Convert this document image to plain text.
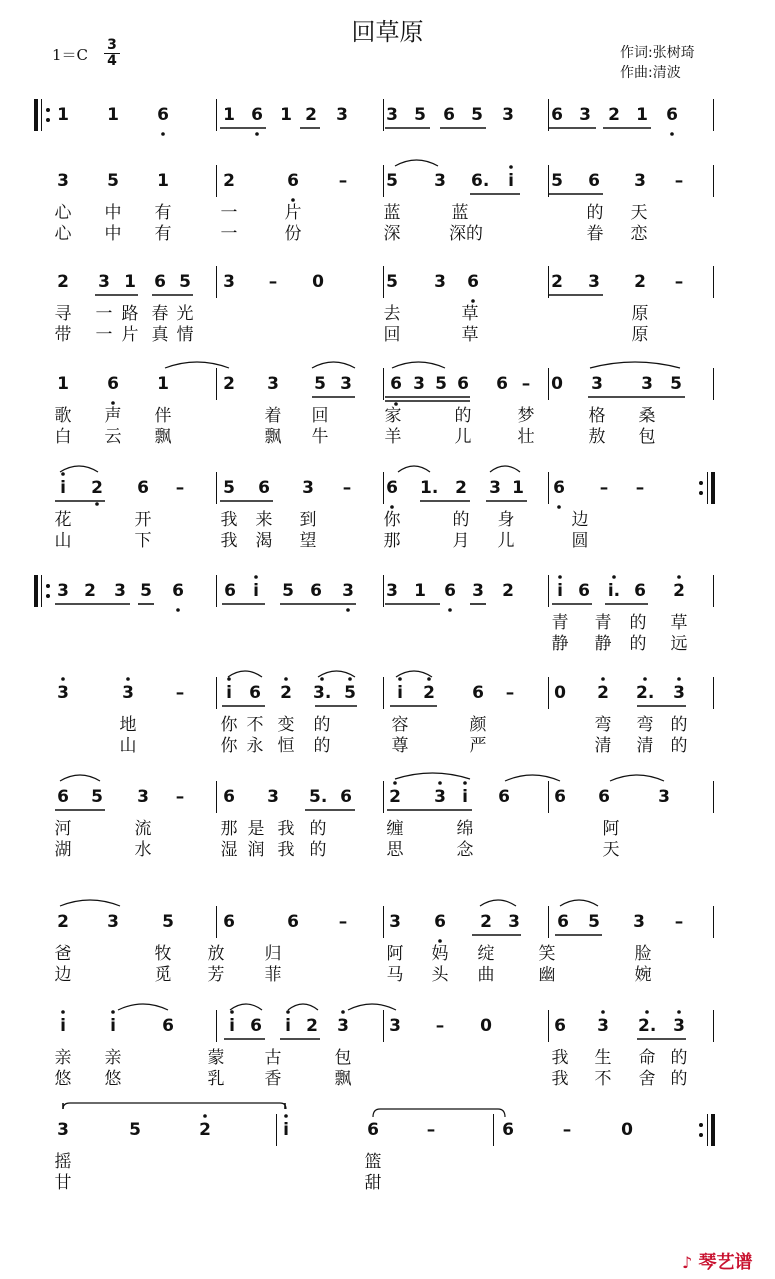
回草原
$1=C \frac{3}{4}$	作词:张树琦
作曲:清波
1 1 6	1 6 1 2 3 3 5 6 5 3 6 3 2 1 6
3 5 1	2	6 – 5 3 6.	i	5 6 3 –
心 中 有	一	片	蓝	蓝	的 天
心 中 有	一	份	深	深的	眷 恋
2 3 1 6 5 3 – 0	5 3 6	2 3 2 –
寻 一 路 春 光	去	草	原
带 一 片 真 情	回	草	原
1 6 1	2 3 5 3 6 3 5 6 6 – 0 3 3 5
歌 声 伴	着 回	家	的	梦	格 桑
白 云 飘	飘 牛	羊	儿	壮	敖 包
i	2 6 – 5 6 3 – 6 1. 2 3 1 6 – –
花	开	我 来 到	你	的 身	边
山	下	我 渴 望	那	月 儿	圆
3 2 3 5 6 6	i	5 6 3 3 1 6 3 2	i 6 i. 6 2
青 青 的 草
静 静 的 远
3	3 –	i	6 2 3. 5	i	2 6 – 0 2 2. 3
地	你 不 变 的	容	颜	弯 弯 的
山	你 永 恒 的	尊	严	清 清 的
6 5 3 – 6 3 5. 6 2 3 i	6	6 6	3
河	流	那 是 我 的	缠	绵	阿
湖	水	湿 润 我 的	思	念	天
2 3	5	6	6 – 3 6 2 3 6 5 3 –
爸	牧 放 归	阿 妈 绽	笑	脸
边	觅 芳 菲	马 头 曲	幽	婉
i	i	6	i 6	i 2 3 3 – 0	6 3 2. 3
亲 亲	蒙 古	包	我 生 命 的
悠 悠	乳 香	飘	我 不 舍 的
3	5	2	i	6	–	6	–	0
摇	篮
甘	甜
♪ 琴艺谱
